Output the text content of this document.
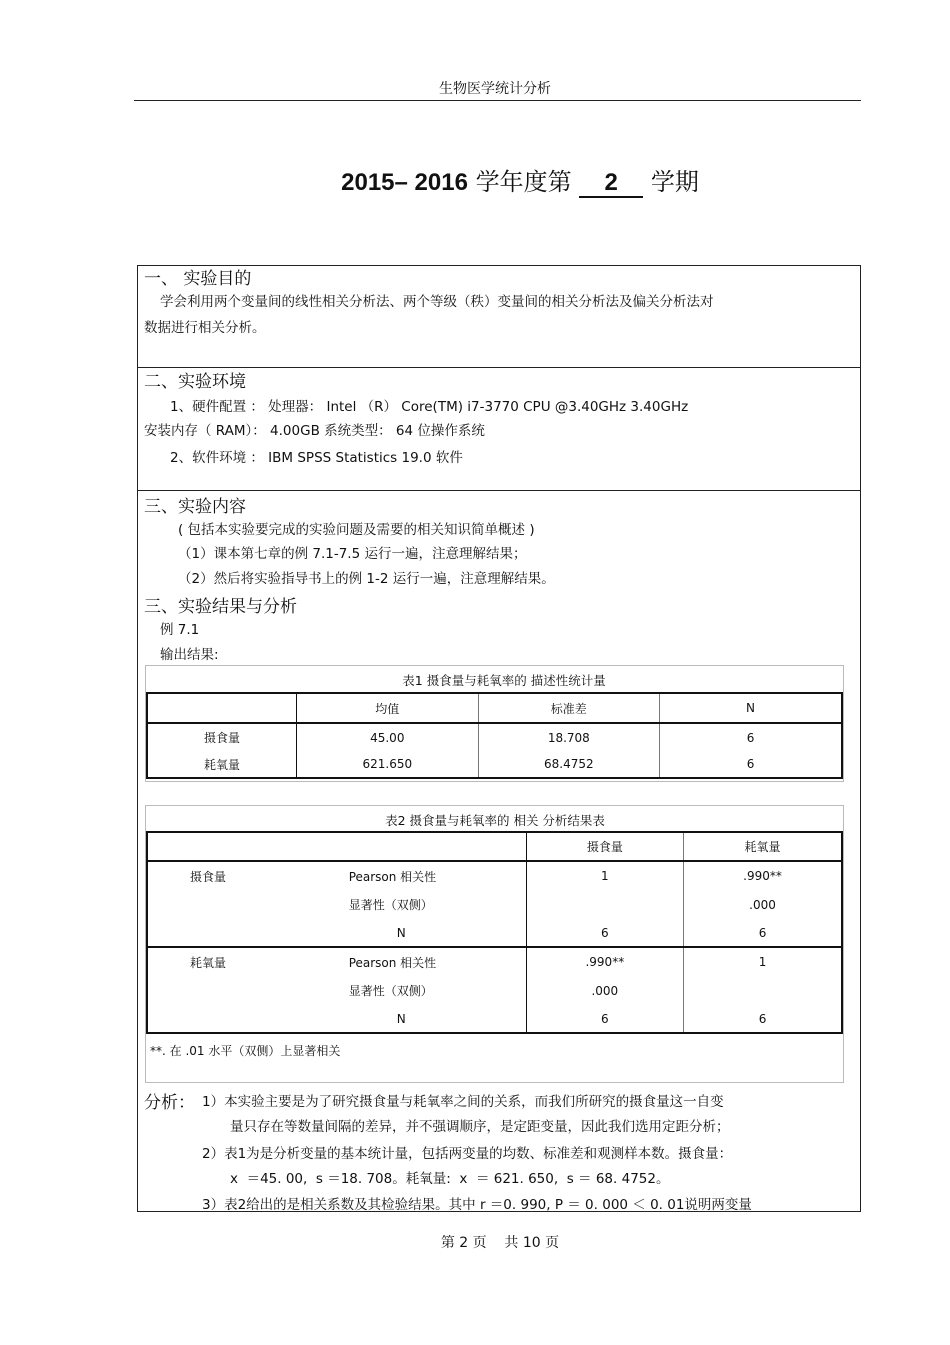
生物医学统计分析
2015– 2016 学年度第 2 学期
一、 实验目的
学会利用两个变量间的线性相关分析法、两个等级（秩）变量间的相关分析法及偏关分析法对
数据进行相关分析。
二、实验环境
1、硬件配置 ： 处理器： Intel （R） Core(TM) i7-3770 CPU @3.40GHz 3.40GHz
安装内存（ RAM）： 4.00GB 系统类型： 64 位操作系统
2、软件环境 ： IBM SPSS Statistics 19.0 软件
三、实验内容
( 包括本实验要完成的实验问题及需要的相关知识简单概述 )
（1）课本第七章的例 7.1-7.5 运行一遍，注意理解结果；
（2）然后将实验指导书上的例 1-2 运行一遍，注意理解结果。
三、实验结果与分析
例 7.1
输出结果:
表1 摄食量与耗氧率的 描述性统计量
	均值	标准差	N
摄食量	45.00	18.708	6
耗氧量	621.650	68.4752	6
表2 摄食量与耗氧率的 相关 分析结果表
		摄食量	耗氧量
摄食量	Pearson 相关性	1	.990**
	显著性（双侧）		.000
	N	6	6
耗氧量	Pearson 相关性	.990**	1
	显著性（双侧）	.000	
	N	6	6
**. 在 .01 水平（双侧）上显著相关
分析： 1）本实验主要是为了研究摄食量与耗氧率之间的关系，而我们所研究的摄食量这一自变
量只存在等数量间隔的差异，并不强调顺序，是定距变量，因此我们选用定距分析；
2）表1为是分析变量的基本统计量，包括两变量的均数、标准差和观测样本数。摄食量：
x  ＝45. 00,  s ＝18. 708。耗氧量:  x  ＝ 621. 650,  s ＝ 68. 4752。
3）表2给出的是相关系数及其检验结果。其中 r ＝0. 990, P ＝ 0. 000 ＜ 0. 01说明两变量
第 2 页    共 10 页
